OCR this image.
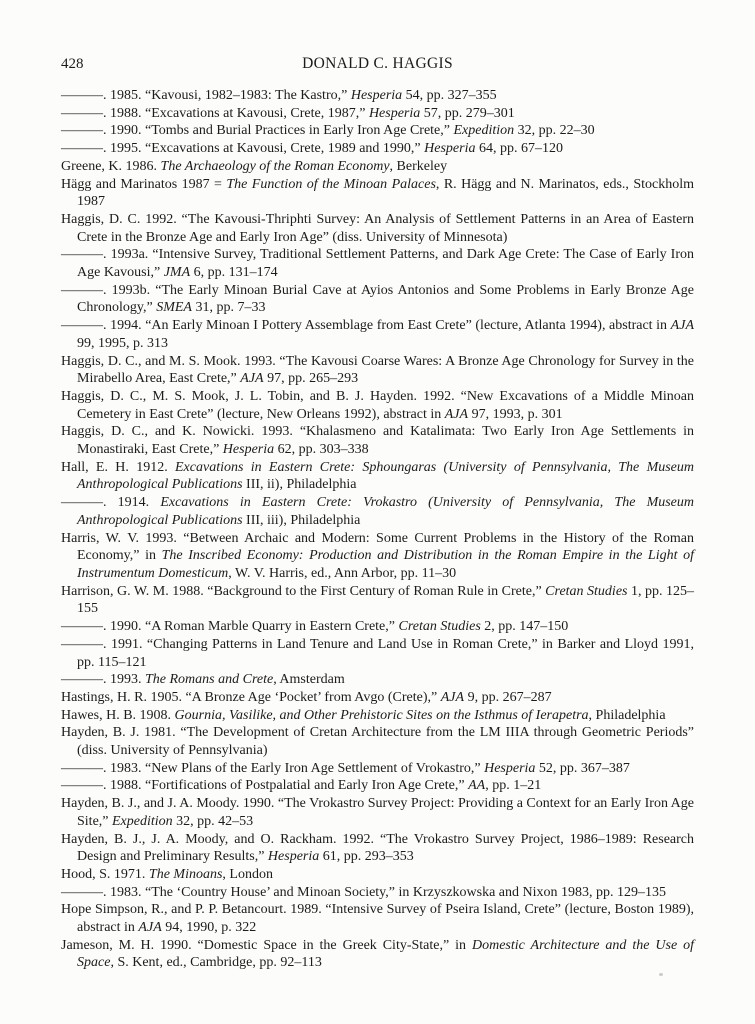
428	DONALD C. HAGGIS
———. 1985. “Kavousi, 1982–1983: The Kastro,” Hesperia 54, pp. 327–355
———. 1988. “Excavations at Kavousi, Crete, 1987,” Hesperia 57, pp. 279–301
———. 1990. “Tombs and Burial Practices in Early Iron Age Crete,” Expedition 32, pp. 22–30
———. 1995. “Excavations at Kavousi, Crete, 1989 and 1990,” Hesperia 64, pp. 67–120
Greene, K. 1986. The Archaeology of the Roman Economy, Berkeley
Hägg and Marinatos 1987 = The Function of the Minoan Palaces, R. Hägg and N. Marinatos, eds., Stockholm 1987
Haggis, D. C. 1992. “The Kavousi-Thriphti Survey: An Analysis of Settlement Patterns in an Area of Eastern Crete in the Bronze Age and Early Iron Age” (diss. University of Minnesota)
———. 1993a. “Intensive Survey, Traditional Settlement Patterns, and Dark Age Crete: The Case of Early Iron Age Kavousi,” JMA 6, pp. 131–174
———. 1993b. “The Early Minoan Burial Cave at Ayios Antonios and Some Problems in Early Bronze Age Chronology,” SMEA 31, pp. 7–33
———. 1994. “An Early Minoan I Pottery Assemblage from East Crete” (lecture, Atlanta 1994), abstract in AJA 99, 1995, p. 313
Haggis, D. C., and M. S. Mook. 1993. “The Kavousi Coarse Wares: A Bronze Age Chronology for Survey in the Mirabello Area, East Crete,” AJA 97, pp. 265–293
Haggis, D. C., M. S. Mook, J. L. Tobin, and B. J. Hayden. 1992. “New Excavations of a Middle Minoan Cemetery in East Crete” (lecture, New Orleans 1992), abstract in AJA 97, 1993, p. 301
Haggis, D. C., and K. Nowicki. 1993. “Khalasmeno and Katalimata: Two Early Iron Age Settlements in Monastiraki, East Crete,” Hesperia 62, pp. 303–338
Hall, E. H. 1912. Excavations in Eastern Crete: Sphoungaras (University of Pennsylvania, The Museum Anthropological Publications III, ii), Philadelphia
———. 1914. Excavations in Eastern Crete: Vrokastro (University of Pennsylvania, The Museum Anthropological Publications III, iii), Philadelphia
Harris, W. V. 1993. “Between Archaic and Modern: Some Current Problems in the History of the Roman Economy,” in The Inscribed Economy: Production and Distribution in the Roman Empire in the Light of Instrumentum Domesticum, W. V. Harris, ed., Ann Arbor, pp. 11–30
Harrison, G. W. M. 1988. “Background to the First Century of Roman Rule in Crete,” Cretan Studies 1, pp. 125–155
———. 1990. “A Roman Marble Quarry in Eastern Crete,” Cretan Studies 2, pp. 147–150
———. 1991. “Changing Patterns in Land Tenure and Land Use in Roman Crete,” in Barker and Lloyd 1991, pp. 115–121
———. 1993. The Romans and Crete, Amsterdam
Hastings, H. R. 1905. “A Bronze Age ‘Pocket’ from Avgo (Crete),” AJA 9, pp. 267–287
Hawes, H. B. 1908. Gournia, Vasilike, and Other Prehistoric Sites on the Isthmus of Ierapetra, Philadelphia
Hayden, B. J. 1981. “The Development of Cretan Architecture from the LM IIIA through Geometric Periods” (diss. University of Pennsylvania)
———. 1983. “New Plans of the Early Iron Age Settlement of Vrokastro,” Hesperia 52, pp. 367–387
———. 1988. “Fortifications of Postpalatial and Early Iron Age Crete,” AA, pp. 1–21
Hayden, B. J., and J. A. Moody. 1990. “The Vrokastro Survey Project: Providing a Context for an Early Iron Age Site,” Expedition 32, pp. 42–53
Hayden, B. J., J. A. Moody, and O. Rackham. 1992. “The Vrokastro Survey Project, 1986–1989: Research Design and Preliminary Results,” Hesperia 61, pp. 293–353
Hood, S. 1971. The Minoans, London
———. 1983. “The ‘Country House’ and Minoan Society,” in Krzyszkowska and Nixon 1983, pp. 129–135
Hope Simpson, R., and P. P. Betancourt. 1989. “Intensive Survey of Pseira Island, Crete” (lecture, Boston 1989), abstract in AJA 94, 1990, p. 322
Jameson, M. H. 1990. “Domestic Space in the Greek City-State,” in Domestic Architecture and the Use of Space, S. Kent, ed., Cambridge, pp. 92–113
